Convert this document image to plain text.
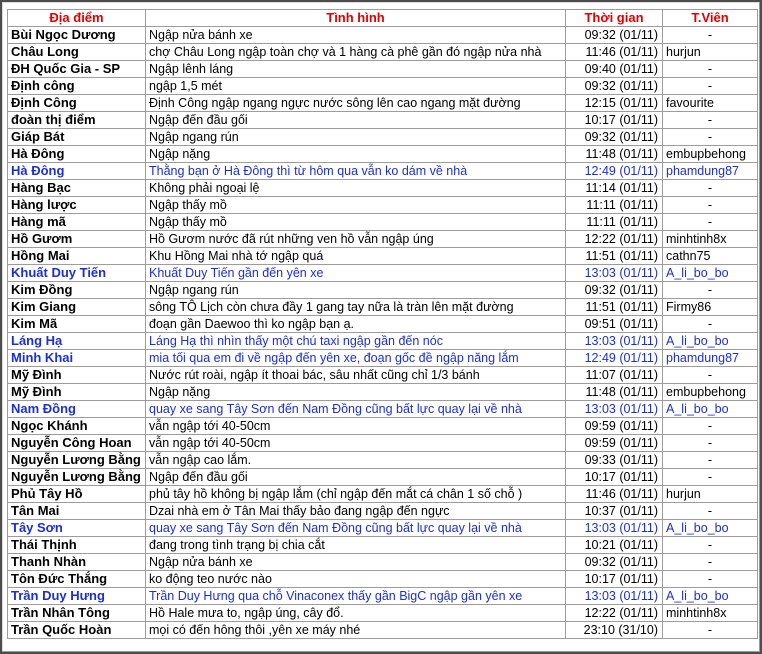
Địa điểm	Tình hình	Thời gian	T.Viên
Bùi Ngọc Dương	Ngập nửa bánh xe	09:32 (01/11)	-
Châu Long	chợ Châu Long ngập toàn chợ và 1 hàng cà phê gần đó ngập nửa nhà	11:46 (01/11)	hurjun
ĐH Quốc Gia - SP	Ngập lênh láng	09:40 (01/11)	-
Định công	ngập 1,5 mét	09:32 (01/11)	-
Định Công	Định Công ngập ngang ngực nước sông lên cao ngang mặt đường	12:15 (01/11)	favourite
đoàn thị điểm	Ngập đến đầu gối	10:17 (01/11)	-
Giáp Bát	Ngập ngang rún	09:32 (01/11)	-
Hà Đông	Ngập nặng	11:48 (01/11)	embupbehong
Hà Đông	Thằng bạn ở Hà Đông thì từ hôm qua vẫn ko dám về nhà	12:49 (01/11)	phamdung87
Hàng Bạc	Không phải ngoại lệ	11:14 (01/11)	-
Hàng lược	Ngập thấy mồ	11:11 (01/11)	-
Hàng mã	Ngập thấy mồ	11:11 (01/11)	-
Hồ Gươm	Hồ Gươm nước đã rút những ven hồ vẫn ngập úng	12:22 (01/11)	minhtinh8x
Hồng Mai	Khu Hồng Mai nhà tớ ngập quá	11:51 (01/11)	cathn75
Khuất Duy Tiến	Khuất Duy Tiến gần đến yên xe	13:03 (01/11)	A_li_bo_bo
Kim Đồng	Ngập ngang rún	09:32 (01/11)	-
Kim Giang	sông TÔ Lịch còn chưa đầy 1 gang tay nữa là tràn lên mặt đường	11:51 (01/11)	Firmy86
Kim Mã	đoạn gần Daewoo thì ko ngập bạn ạ.	09:51 (01/11)	-
Láng Hạ	Láng Hạ thì nhìn thấy một chú taxi ngập gần đến nóc	13:03 (01/11)	A_li_bo_bo
Minh Khai	mia tối qua em đi về ngập đến yên xe, đoạn gốc đề ngập năng lắm	12:49 (01/11)	phamdung87
Mỹ Đình	Nước rút roài, ngập ít thoai bác, sâu nhất cũng chỉ 1/3 bánh	11:07 (01/11)	-
Mỹ Đình	Ngập nặng	11:48 (01/11)	embupbehong
Nam Đồng	quay xe sang Tây Sơn đến Nam Đồng cũng bất lực quay lại về nhà	13:03 (01/11)	A_li_bo_bo
Ngọc Khánh	vẫn ngập tới 40-50cm	09:59 (01/11)	-
Nguyễn Công Hoan	vẫn ngập tới 40-50cm	09:59 (01/11)	-
Nguyễn Lương Bằng	vẫn ngập cao lắm.	09:33 (01/11)	-
Nguyễn Lương Bằng	Ngập đến đầu gối	10:17 (01/11)	-
Phủ Tây Hồ	phủ tây hồ không bị ngập lắm (chỉ ngập đến mắt cá chân 1 số chỗ )	11:46 (01/11)	hurjun
Tân Mai	Dzai nhà em ở Tân Mai thấy bảo đang ngập đến ngực	10:37 (01/11)	-
Tây Sơn	quay xe sang Tây Sơn đến Nam Đồng cũng bất lực quay lại về nhà	13:03 (01/11)	A_li_bo_bo
Thái Thịnh	đang trong tình trạng bị chia cắt	10:21 (01/11)	-
Thanh Nhàn	Ngập nửa bánh xe	09:32 (01/11)	-
Tôn Đức Thắng	ko động teo nước nào	10:17 (01/11)	-
Trần Duy Hưng	Trần Duy Hưng qua chỗ Vinaconex thấy gần BigC ngập gần yên xe	13:03 (01/11)	A_li_bo_bo
Trần Nhân Tông	Hồ Hale mưa to, ngập úng, cây đổ.	12:22 (01/11)	minhtinh8x
Trần Quốc Hoàn	mọi có đến hông thôi ,yên xe máy nhé	23:10 (31/10)	-
